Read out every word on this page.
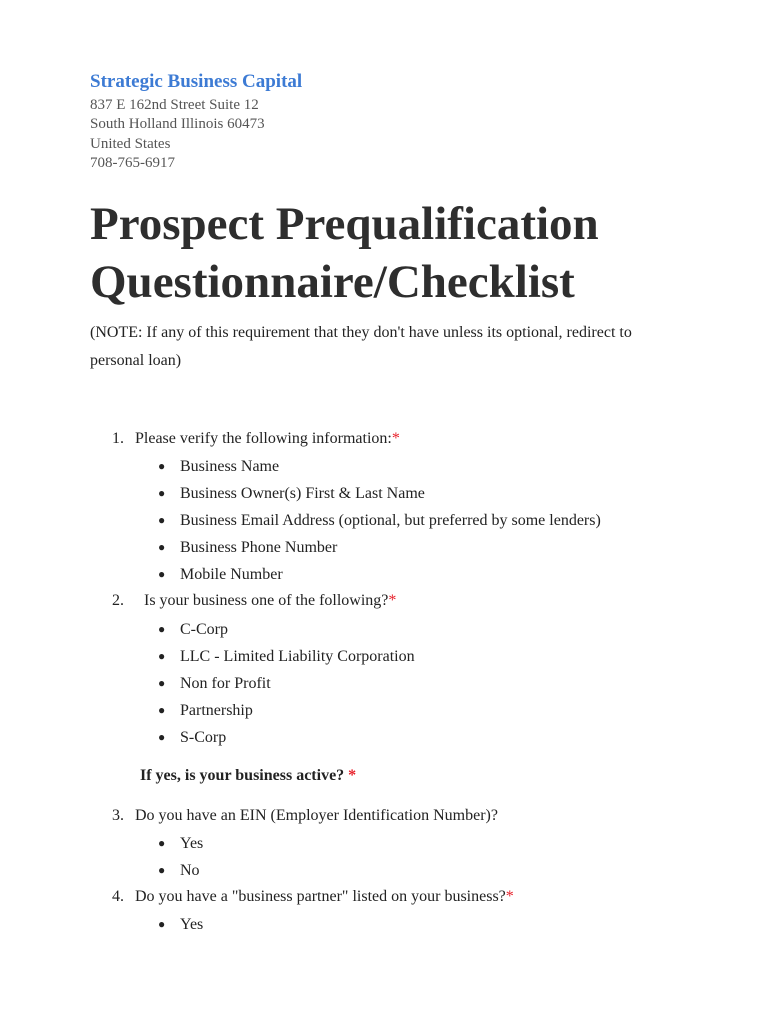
Strategic Business Capital
837 E 162nd Street Suite 12
South Holland Illinois 60473
United States
708-765-6917
Prospect Prequalification
Questionnaire/Checklist
(NOTE: If any of this requirement that they don't have unless its optional, redirect to personal loan)
1. Please verify the following information:*
● Business Name
● Business Owner(s) First & Last Name
● Business Email Address (optional, but preferred by some lenders)
● Business Phone Number
● Mobile Number
2. Is your business one of the following?*
● C-Corp
● LLC - Limited Liability Corporation
● Non for Profit
● Partnership
● S-Corp
If yes, is your business active? *
3. Do you have an EIN (Employer Identification Number)?
● Yes
● No
4. Do you have a "business partner" listed on your business?*
● Yes
